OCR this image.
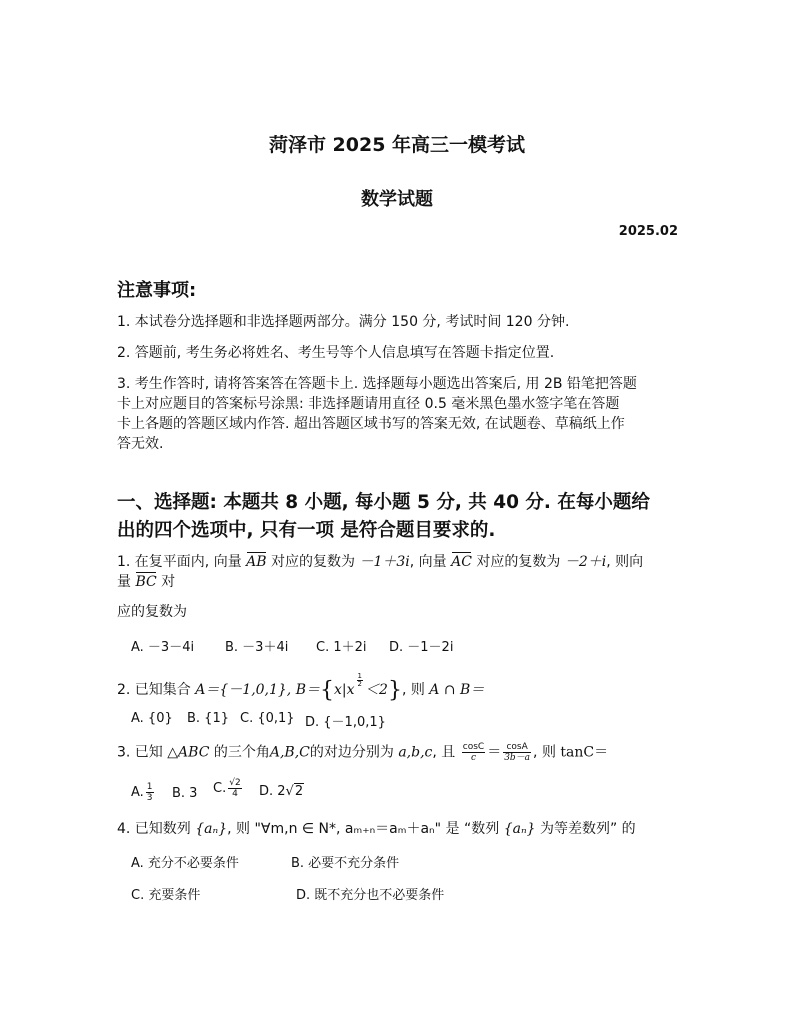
菏泽市 2025 年高三一模考试
数学试题
2025.02
注意事项:
1. 本试卷分选择题和非选择题两部分。满分 150 分, 考试时间 120 分钟.
2. 答题前, 考生务必将姓名、考生号等个人信息填写在答题卡指定位置.
3. 考生作答时, 请将答案答在答题卡上. 选择题每小题选出答案后, 用 2B 铅笔把答题
卡上对应题目的答案标号涂黑: 非选择题请用直径 0.5 毫米黑色墨水签字笔在答题
卡上各题的答题区域内作答. 超出答题区域书写的答案无效, 在试题卷、草稿纸上作
答无效.
一、选择题: 本题共 8 小题, 每小题 5 分, 共 40 分. 在每小题给
出的四个选项中, 只有一项 是符合题目要求的.
1. 在复平面内, 向量 AB 对应的复数为 －1＋3i, 向量 AC 对应的复数为 －2＋i, 则向
量 BC 对
应的复数为
A. －3－4i B. －3＋4i C. 1＋2i D. －1－2i
2. 已知集合 A＝{－1,0,1}, B＝{x|x
$\frac{1}{2}$
＜2}, 则 A ∩ B＝
A. {0} B. {1} C. {0,1} D. {－1,0,1}
3. 已知 △ABC 的三个角A,B,C的对边分别为 a,b,c, 且 $\frac{\cos C}{c} = \frac{\cos A}{3b-a}$ , 则 tanC＝
A. $\frac{1}{3} B$. 3 C. $\frac{√2}{4} D$. 2√2
4. 已知数列 {aₙ}, 则 "∀m,n ∈ N*, aₘ₊ₙ＝aₘ＋aₙ" 是 “数列 {aₙ} 为等差数列” 的
A. 充分不必要条件	B. 必要不充分条件
C. 充要条件	D. 既不充分也不必要条件
